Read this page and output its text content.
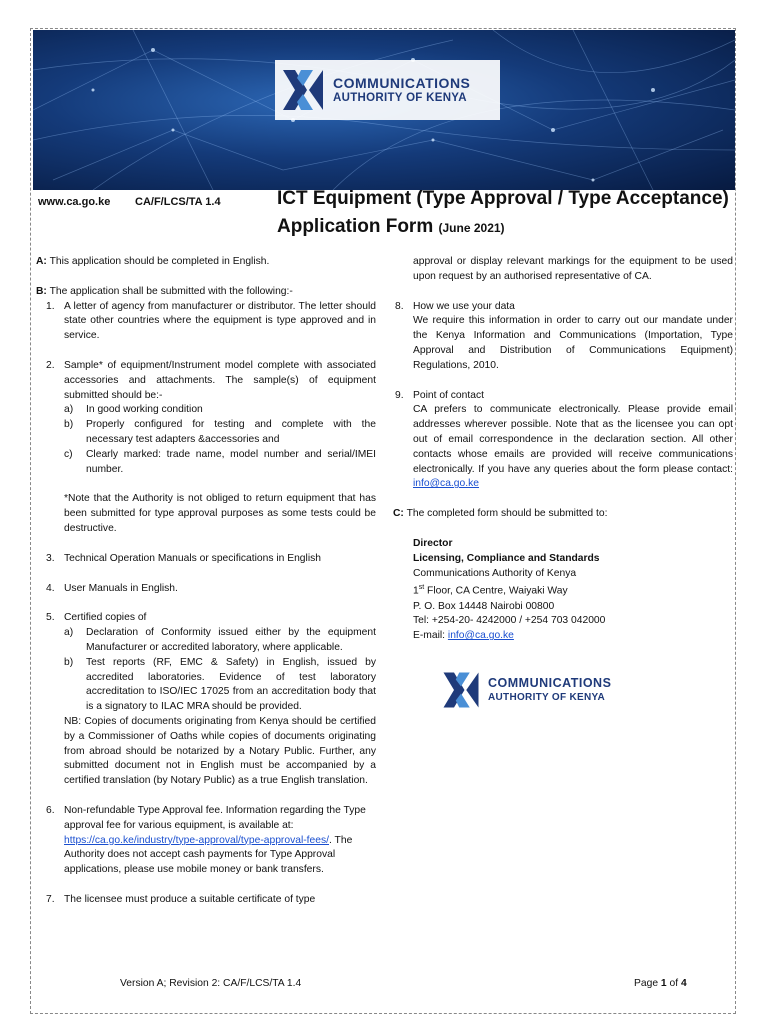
COMMUNICATIONS
AUTHORITY OF KENYA
www.ca.go.ke CA/F/LCS/TA 1.4	ICT Equipment (Type Approval / Type Acceptance)
Application Form (June 2021)

A: This application should be completed in English.

B: The application shall be submitted with the following:-

1. A letter of agency from manufacturer or distributor. The letter should state other countries where the equipment is type approved and in service.
2. Sample* of equipment/Instrument model complete with associated accessories and attachments. The sample(s) of equipment submitted should be:-
a) In good working condition
b) Properly configured for testing and complete with the necessary test adapters &accessories and
c) Clearly marked: trade name, model number and serial/IMEI number.

*Note that the Authority is not obliged to return equipment that has been submitted for type approval purposes as some tests could be destructive.

3. Technical Operation Manuals or specifications in English
4. User Manuals in English.
5. Certified copies of
a) Declaration of Conformity issued either by the equipment Manufacturer or accredited laboratory, where applicable.
b) Test reports (RF, EMC & Safety) in English, issued by accredited laboratories. Evidence of test laboratory accreditation to ISO/IEC 17025 from an accreditation body that is a signatory to ILAC MRA should be provided.

NB: Copies of documents originating from Kenya should be certified by a Commissioner of Oaths while copies of documents originating from abroad should be notarized by a Notary Public. Further, any submitted document not in English must be accompanied by a certified translation (by Notary Public) as a true English translation.

6. Non-refundable Type Approval fee. Information regarding the Type approval fee for various equipment, is available at: https://ca.go.ke/industry/type-approval/type-approval-fees/. The Authority does not accept cash payments for Type Approval applications, please use mobile money or bank transfers.
7. The licensee must produce a suitable certificate of type
approval or display relevant markings for the equipment to be used upon request by an authorised representative of CA.
8. How we use your data
We require this information in order to carry out our mandate under the Kenya Information and Communications (Importation, Type Approval and Distribution of Communications Equipment) Regulations, 2010.
9. Point of contact
CA prefers to communicate electronically. Please provide email addresses wherever possible. Note that as the licensee you can opt out of email correspondence in the declaration section. All other contacts whose emails are provided will receive communications electronically. If you have any queries about the form please contact: info@ca.go.ke

C: The completed form should be submitted to:

Director
Licensing, Compliance and Standards
Communications Authority of Kenya
1st Floor, CA Centre, Waiyaki Way
P. O. Box 14448 Nairobi 00800
Tel: +254-20- 4242000 / +254 703 042000
E-mail: info@ca.go.ke
COMMUNICATIONS
AUTHORITY OF KENYA
Version A; Revision 2: CA/F/LCS/TA 1.4	Page 1 of 4
